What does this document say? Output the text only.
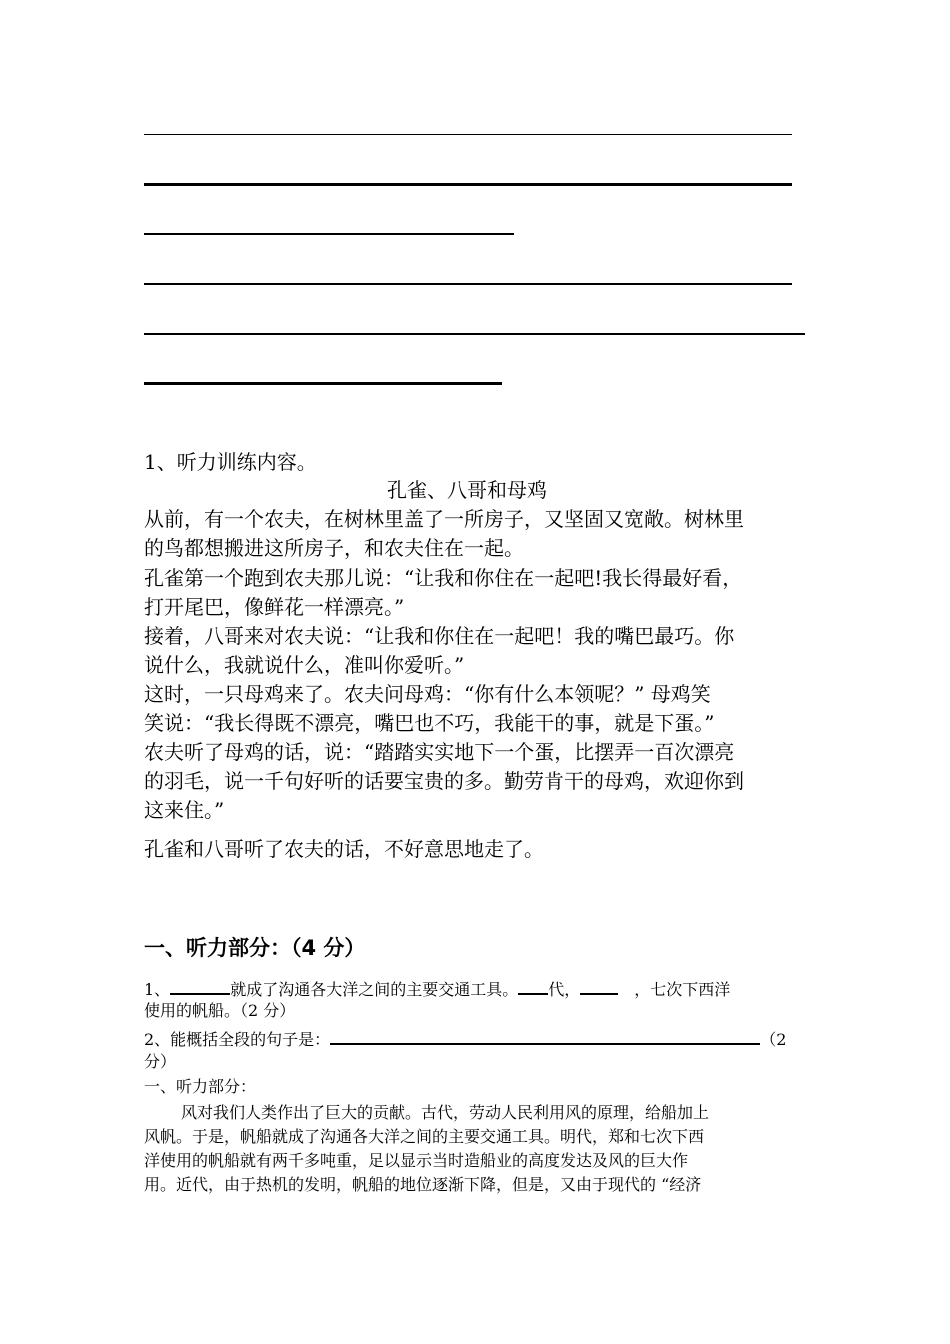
1、听力训练内容。
孔雀、八哥和母鸡
从前，有一个农夫，在树林里盖了一所房子，又坚固又宽敞。树林里
的鸟都想搬进这所房子，和农夫住在一起。
孔雀第一个跑到农夫那儿说：“让我和你住在一起吧!我长得最好看，
打开尾巴，像鲜花一样漂亮。”
接着，八哥来对农夫说：“让我和你住在一起吧！我的嘴巴最巧。你
说什么，我就说什么，准叫你爱听。”
这时，一只母鸡来了。农夫问母鸡：“你有什么本领呢？” 母鸡笑
笑说：“我长得既不漂亮，嘴巴也不巧，我能干的事，就是下蛋。”
农夫听了母鸡的话，说：“踏踏实实地下一个蛋，比摆弄一百次漂亮
的羽毛，说一千句好听的话要宝贵的多。勤劳肯干的母鸡，欢迎你到
这来住。”
孔雀和八哥听了农夫的话，不好意思地走了。
一、听力部分：（4 分）
1、	就成了沟通各大洋之间的主要交通工具。 代，	，七次下西洋
使用的帆船。（2 分）
2、能概括全段的句子是：	（2
分）
一、听力部分：
风对我们人类作出了巨大的贡献。古代，劳动人民利用风的原理，给船加上
风帆。于是，帆船就成了沟通各大洋之间的主要交通工具。明代，郑和七次下西
洋使用的帆船就有两千多吨重，足以显示当时造船业的高度发达及风的巨大作
用。近代，由于热机的发明，帆船的地位逐渐下降，但是，又由于现代的 “经济
